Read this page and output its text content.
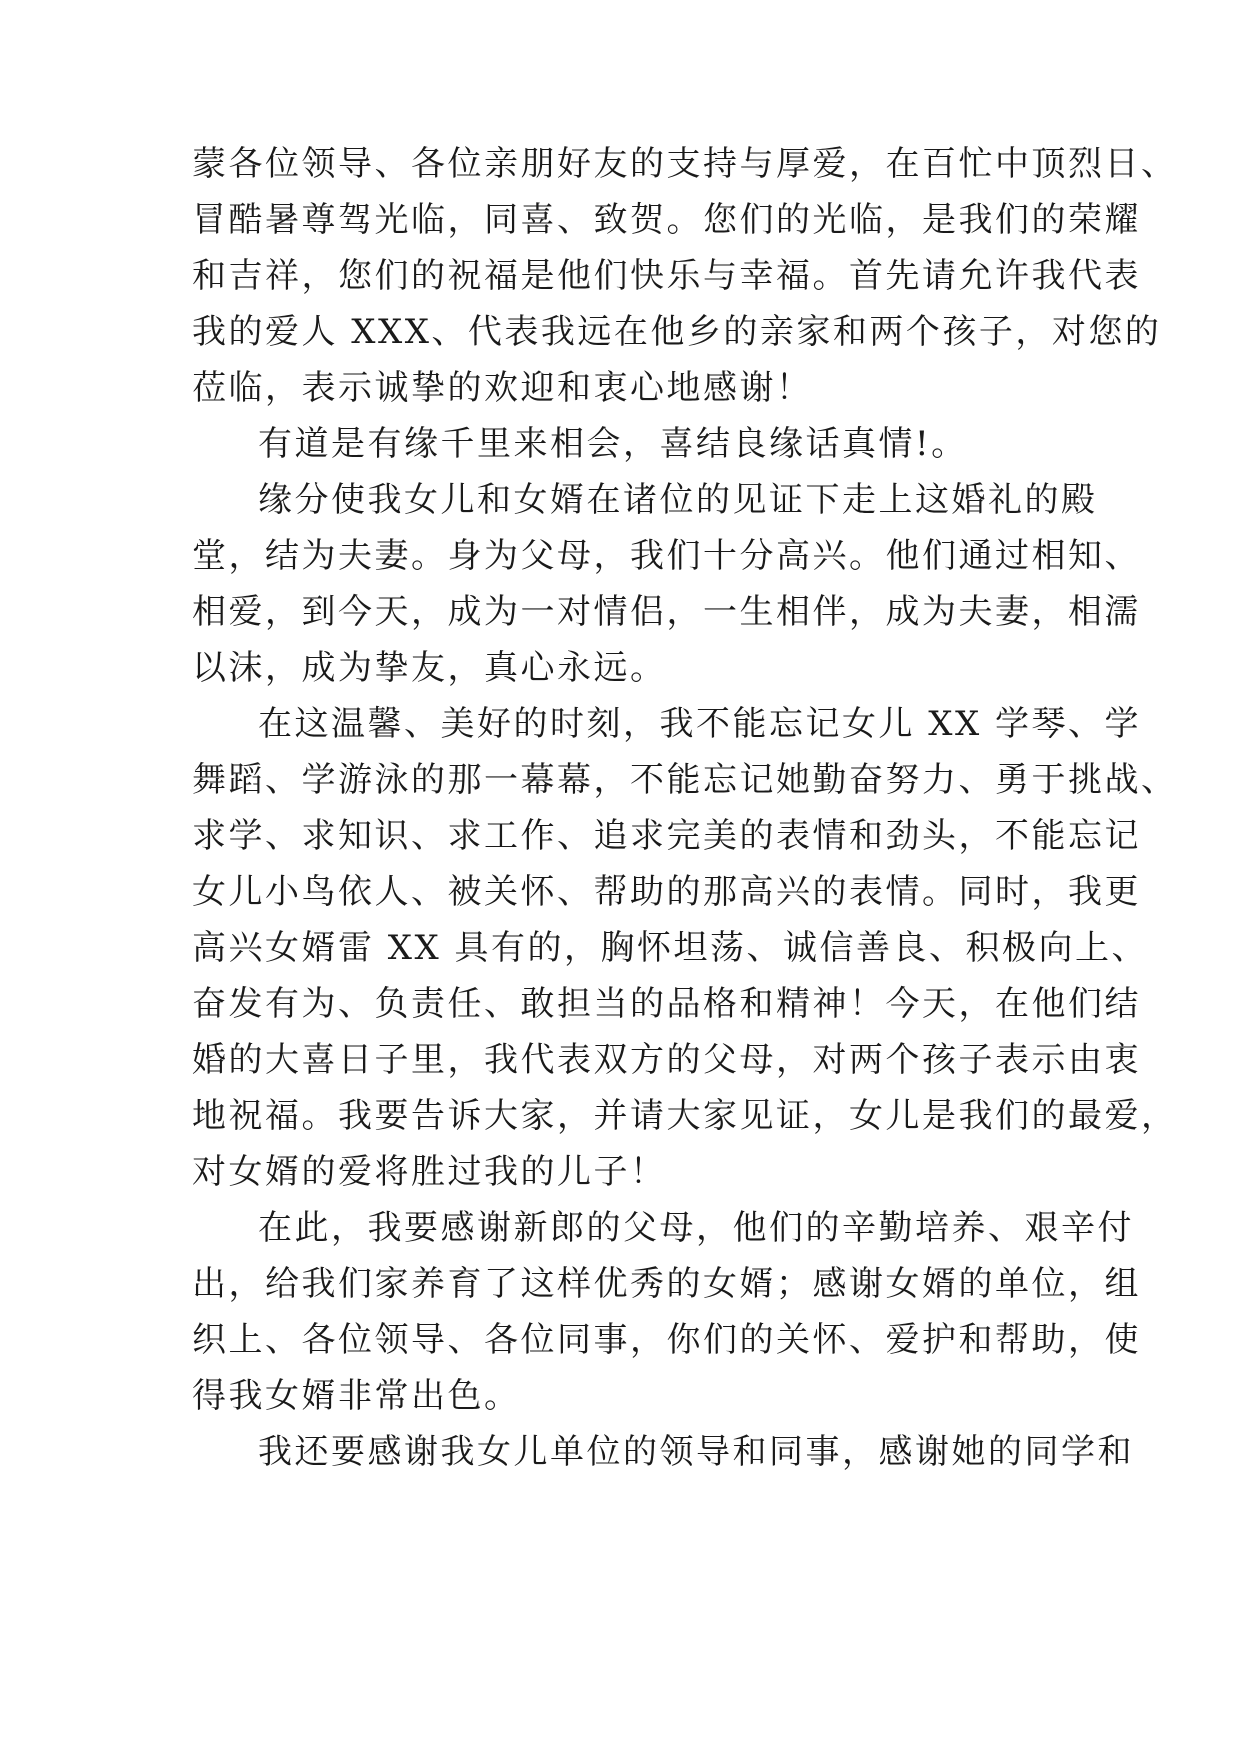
蒙各位领导、各位亲朋好友的支持与厚爱，在百忙中顶烈日、

冒酷暑尊驾光临，同喜、致贺。您们的光临，是我们的荣耀

和吉祥，您们的祝福是他们快乐与幸福。首先请允许我代表

我的爱人 XXX、代表我远在他乡的亲家和两个孩子，对您的

莅临，表示诚挚的欢迎和衷心地感谢！

有道是有缘千里来相会，喜结良缘话真情!。

缘分使我女儿和女婿在诸位的见证下走上这婚礼的殿

堂，结为夫妻。身为父母，我们十分高兴。他们通过相知、

相爱，到今天，成为一对情侣，一生相伴，成为夫妻，相濡

以沫，成为挚友，真心永远。

在这温馨、美好的时刻，我不能忘记女儿 XX 学琴、学

舞蹈、学游泳的那一幕幕，不能忘记她勤奋努力、勇于挑战、

求学、求知识、求工作、追求完美的表情和劲头，不能忘记

女儿小鸟依人、被关怀、帮助的那高兴的表情。同时，我更

高兴女婿雷 XX 具有的，胸怀坦荡、诚信善良、积极向上、

奋发有为、负责任、敢担当的品格和精神！今天，在他们结

婚的大喜日子里，我代表双方的父母，对两个孩子表示由衷

地祝福。我要告诉大家，并请大家见证，女儿是我们的最爱，

对女婿的爱将胜过我的儿子！

在此，我要感谢新郎的父母，他们的辛勤培养、艰辛付

出，给我们家养育了这样优秀的女婿；感谢女婿的单位，组

织上、各位领导、各位同事，你们的关怀、爱护和帮助，使

得我女婿非常出色。

我还要感谢我女儿单位的领导和同事，感谢她的同学和
